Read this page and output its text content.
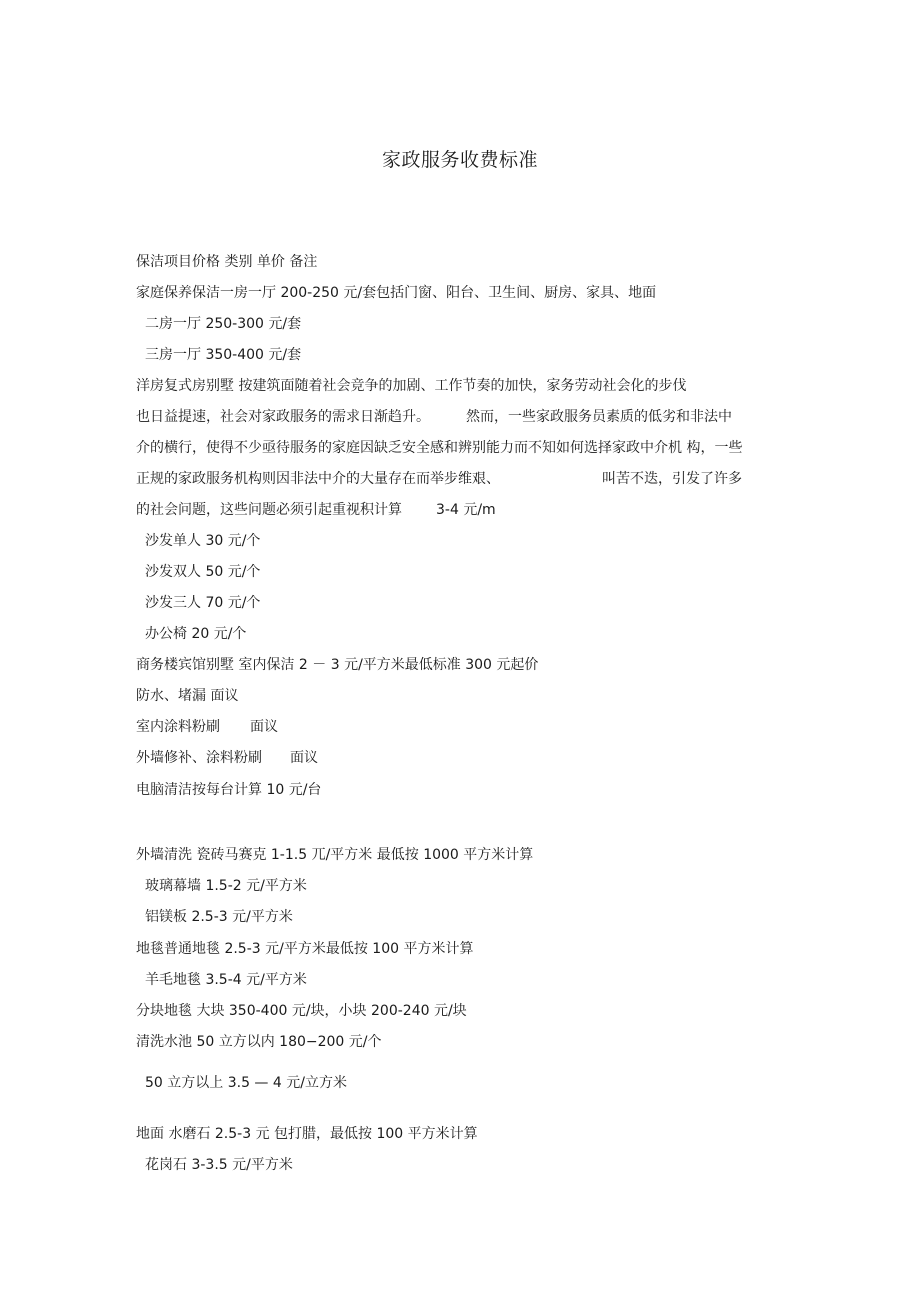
家政服务收费标准
保洁项目价格 类别 单价 备注
家庭保养保洁一房一厅 200-250 元/套包括门窗、阳台、卫生间、厨房、家具、地面
二房一厅 250-300 元/套
三房一厅 350-400 元/套
洋房复式房别墅 按建筑面随着社会竞争的加剧、工作节奏的加快，家务劳动社会化的步伐
也日益提速，社会对家政服务的需求日渐趋升。	然而，一些家政服务员素质的低劣和非法中
介的横行，使得不少亟待服务的家庭因缺乏安全感和辨别能力而不知如何选择家政中介机 构，一些
正规的家政服务机构则因非法中介的大量存在而举步维艰、	叫苦不迭，引发了许多
的社会问题，这些问题必须引起重视积计算 3-4 元/m
沙发单人 30 元/个
沙发双人 50 元/个
沙发三人 70 元/个
办公椅 20 元/个
商务楼宾馆别墅 室内保洁 2 － 3 元/平方米最低标准 300 元起价
防水、堵漏 面议
室内涂料粉刷 面议
外墙修补、涂料粉刷 面议
电脑清洁按每台计算 10 元/台
外墙清洗 瓷砖马赛克 1-1.5 兀/平方米 最低按 1000 平方米计算
玻璃幕墙 1.5-2 元/平方米
铝镁板 2.5-3 元/平方米
地毯普通地毯 2.5-3 元/平方米最低按 100 平方米计算
羊毛地毯 3.5-4 元/平方米
分块地毯 大块 350-400 元/块，小块 200-240 元/块
清洗水池 50 立方以内 180−200 元/个
50 立方以上 3.5 — 4 元/立方米
地面 水磨石 2.5-3 元 包打腊，最低按 100 平方米计算
花岗石 3-3.5 元/平方米
